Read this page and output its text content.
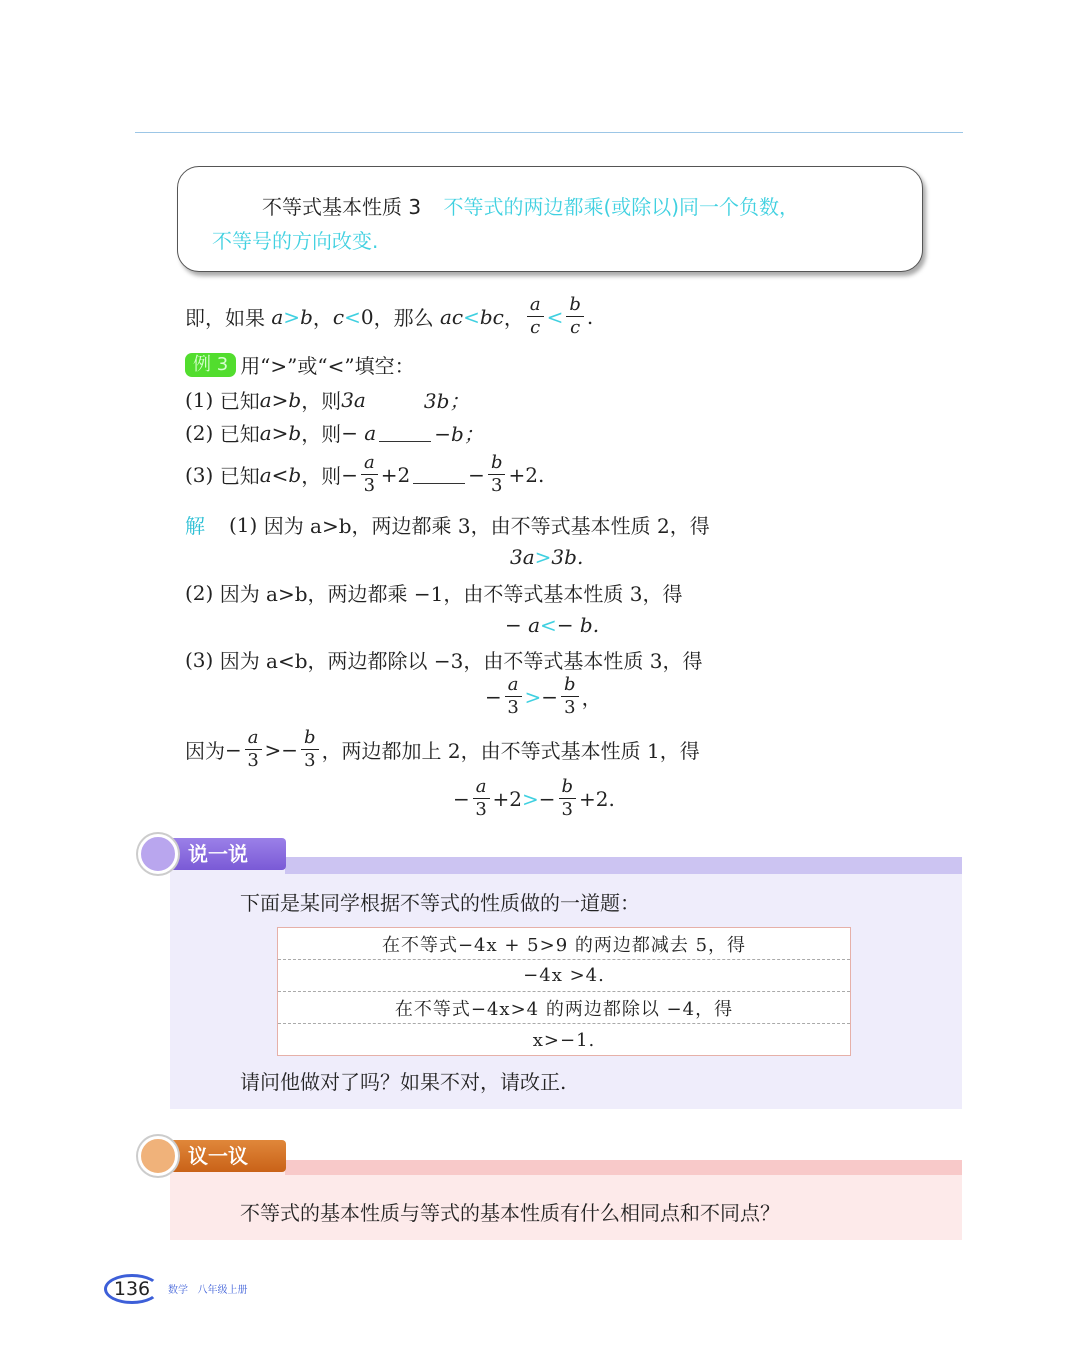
不等式基本性质 3 不等式的两边都乘(或除以)同一个负数，
不等号的方向改变.
即，如果
a > b ， c < 0 ，那么
ac < bc ， $\frac{a}{c} < \frac{b}{c}$ .
例 3 用“>”或“<”填空：
(1)
已知 a>b ，则 3a	3b；
(2)
已知 a>b ，则 − a	−b；
(3)
已知 a<b ，则 − $\frac{a}{3} +2$	− $\frac{b}{3} +2$.
解 (1)
因为 a>b，两边都乘 3，由不等式基本性质 2，得
3a > 3b.
(2)
因为 a>b，两边都乘 −1，由不等式基本性质 3，得
− a < − b.
(3)
因为 a<b，两边都除以 −3，由不等式基本性质 3，得
− $\frac{a}{3}$ > − $\frac{b}{3}$ ，
因为 − $\frac{a}{3}$ > − $\frac{b}{3}$ ，两边都加上 2，由不等式基本性质 1，得
− $\frac{a}{3} +2$ > − $\frac{b}{3} +2$.
说一说
下面是某同学根据不等式的性质做的一道题：
在不等式−4x + 5>9 的两边都减去 5，得
−4x >4.
在不等式−4x>4 的两边都除以 −4，得
x>−1.
请问他做对了吗？如果不对，请改正.
议一议
不等式的基本性质与等式的基本性质有什么相同点和不同点？
136	数学 八年级上册
